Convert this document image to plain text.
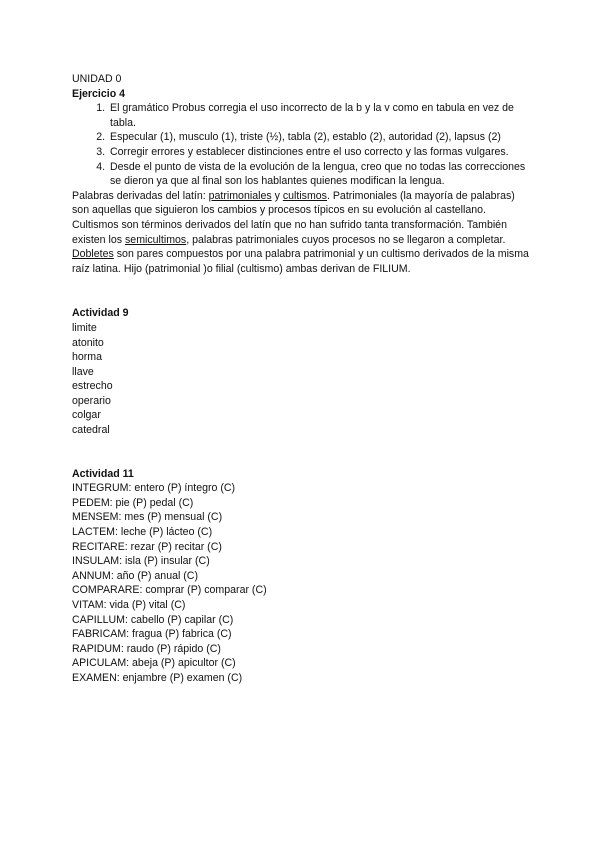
UNIDAD 0
Ejercicio 4
1. El gramático Probus corregia el uso incorrecto de la b y la v como en tabula en vez de tabla.
2. Especular (1), musculo (1), triste (½), tabla (2), establo (2), autoridad (2), lapsus (2)
3. Corregir errores y establecer distinciones entre el uso correcto y las formas vulgares.
4. Desde el punto de vista de la evolución de la lengua, creo que no todas las correcciones se dieron ya que al final son los hablantes quienes modifican la lengua.

Palabras derivadas del latín: patrimoniales y cultismos. Patrimoniales (la mayoría de palabras) son aquellas que siguieron los cambios y procesos típicos en su evolución al castellano. Cultismos son términos derivados del latín que no han sufrido tanta transformación. También existen los semicultimos, palabras patrimoniales cuyos procesos no se llegaron a completar.

Dobletes son pares compuestos por una palabra patrimonial y un cultismo derivados de la misma raíz latina. Hijo (patrimonial )o filial (cultismo) ambas derivan de FILIUM.

Actividad 9
limite
atonito
horma
llave
estrecho
operario
colgar
catedral
Actividad 11
INTEGRUM: entero (P) íntegro (C)
PEDEM: pie (P) pedal (C)
MENSEM: mes (P) mensual (C)
LACTEM: leche (P) lácteo (C)
RECITARE: rezar (P) recitar (C)
INSULAM: isla (P) insular (C)
ANNUM: año (P) anual (C)
COMPARARE: comprar (P) comparar (C)
VITAM: vida (P) vital (C)
CAPILLUM: cabello (P) capilar (C)
FABRICAM: fragua (P) fabrica (C)
RAPIDUM: raudo (P) rápido (C)
APICULAM: abeja (P) apicultor (C)
EXAMEN: enjambre (P) examen (C)
